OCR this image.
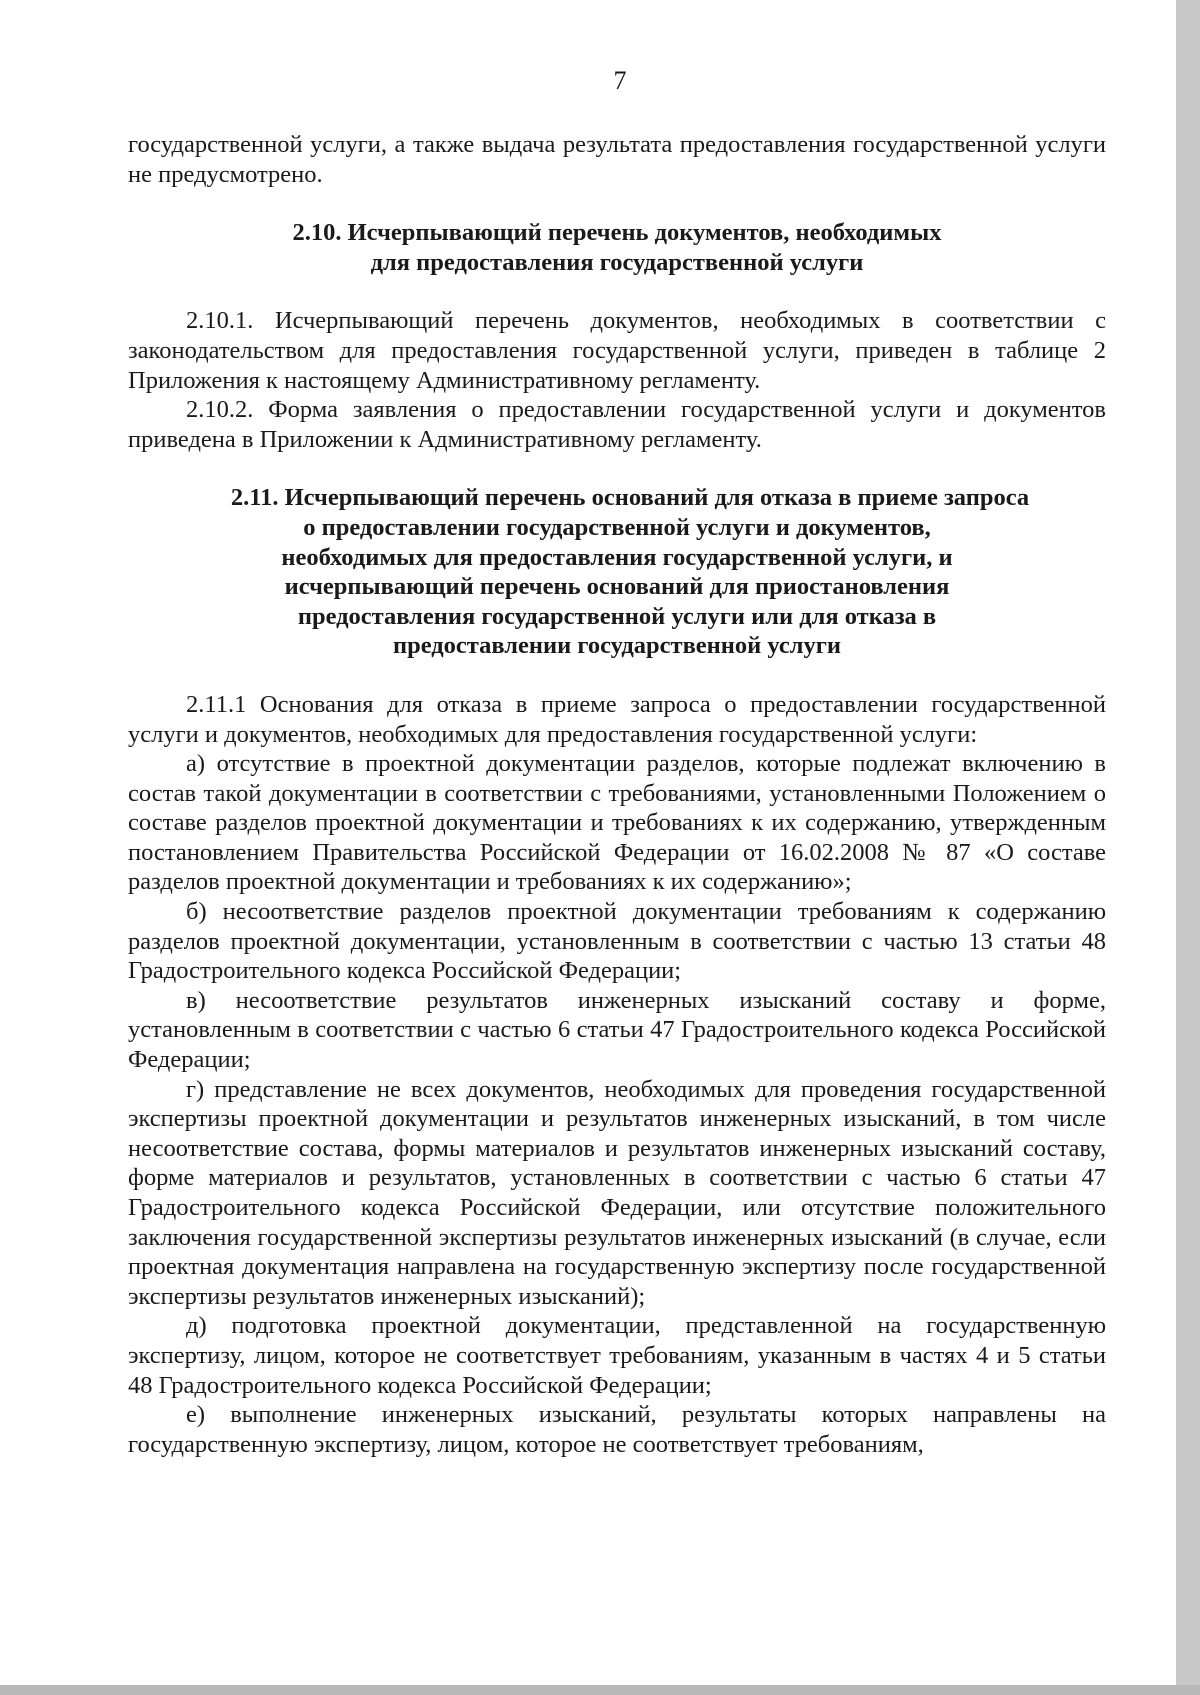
7

государственной услуги, а также выдача результата предоставления государственной услуги не предусмотрено.

2.10. Исчерпывающий перечень документов, необходимых
для предоставления государственной услуги

2.10.1. Исчерпывающий перечень документов, необходимых в соответствии с законодательством для предоставления государственной услуги, приведен в таблице 2 Приложения к настоящему Административному регламенту.

2.10.2. Форма заявления о предоставлении государственной услуги и документов приведена в Приложении к Административному регламенту.

2.11. Исчерпывающий перечень оснований для отказа в приеме запроса
о предоставлении государственной услуги и документов,
необходимых для предоставления государственной услуги, и
исчерпывающий перечень оснований для приостановления
предоставления государственной услуги или для отказа в
предоставлении государственной услуги

2.11.1 Основания для отказа в приеме запроса о предоставлении государственной услуги и документов, необходимых для предоставления государственной услуги:

а) отсутствие в проектной документации разделов, которые подлежат включению в состав такой документации в соответствии с требованиями, установленными Положением о составе разделов проектной документации и требованиях к их содержанию, утвержденным постановлением Правительства Российской Федерации от 16.02.2008 № 87 «О составе разделов проектной документации и требованиях к их содержанию»;

б) несоответствие разделов проектной документации требованиям к содержанию разделов проектной документации, установленным в соответствии с частью 13 статьи 48 Градостроительного кодекса Российской Федерации;

в) несоответствие результатов инженерных изысканий составу и форме, установленным в соответствии с частью 6 статьи 47 Градостроительного кодекса Российской Федерации;

г) представление не всех документов, необходимых для проведения государственной экспертизы проектной документации и результатов инженерных изысканий, в том числе несоответствие состава, формы материалов и результатов инженерных изысканий составу, форме материалов и результатов, установленных в соответствии с частью 6 статьи 47 Градостроительного кодекса Российской Федерации, или отсутствие положительного заключения государственной экспертизы результатов инженерных изысканий (в случае, если проектная документация направлена на государственную экспертизу после государственной экспертизы результатов инженерных изысканий);

д) подготовка проектной документации, представленной на государственную экспертизу, лицом, которое не соответствует требованиям, указанным в частях 4 и 5 статьи 48 Градостроительного кодекса Российской Федерации;

е) выполнение инженерных изысканий, результаты которых направлены на государственную экспертизу, лицом, которое не соответствует требованиям,
